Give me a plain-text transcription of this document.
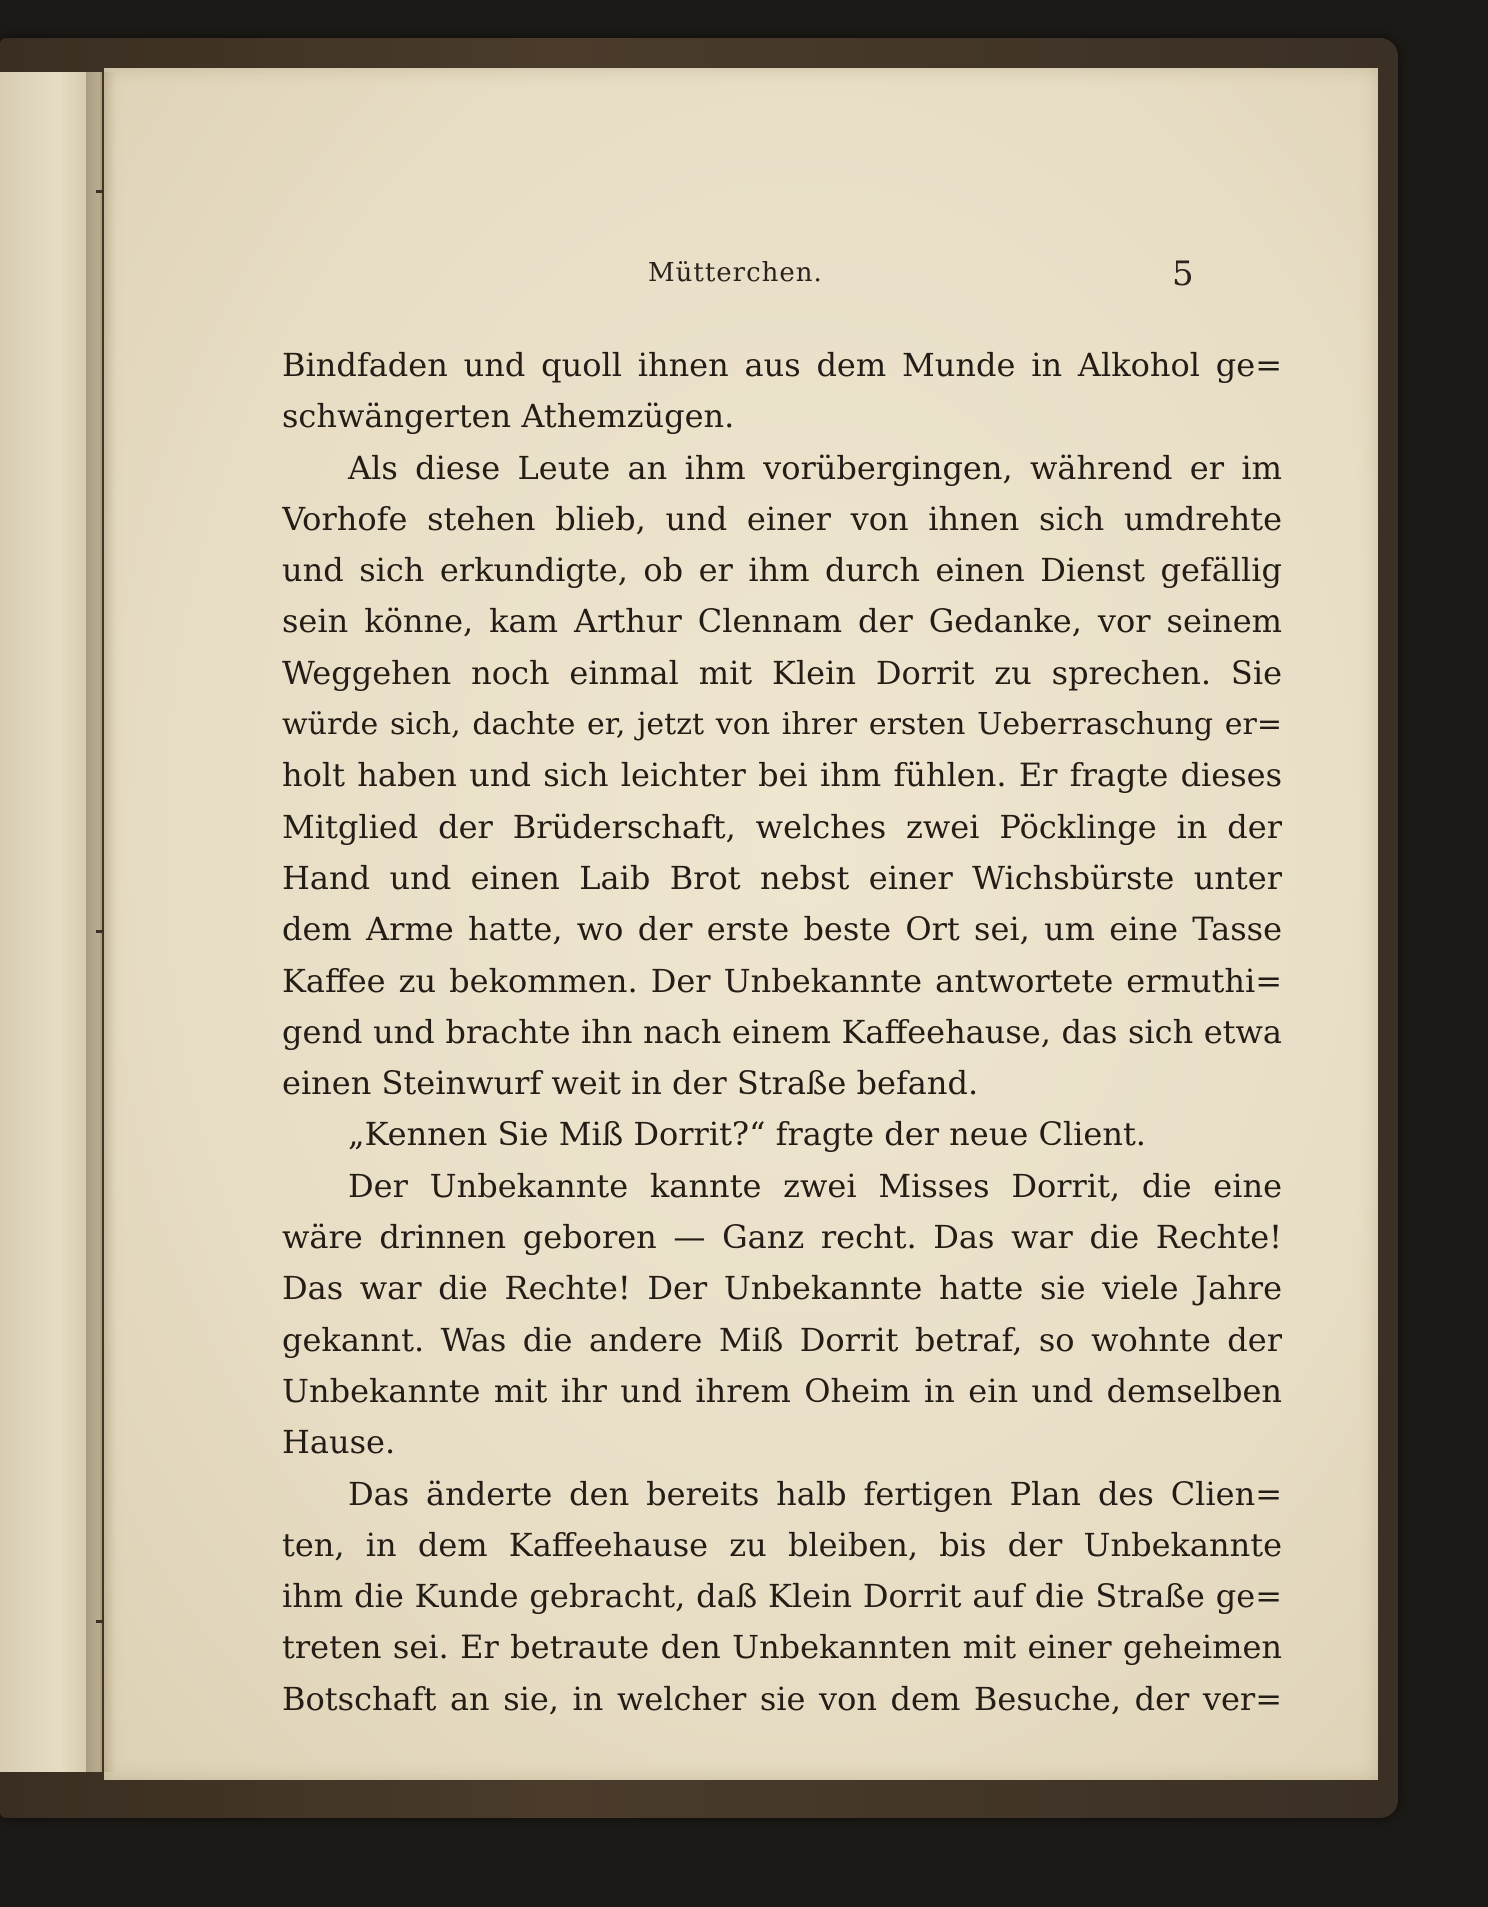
Mütterchen.	5
Bindfaden und quoll ihnen aus dem Munde in Alkohol ge=
schwängerten Athemzügen.
Als diese Leute an ihm vorübergingen, während er im
Vorhofe stehen blieb, und einer von ihnen sich umdrehte
und sich erkundigte, ob er ihm durch einen Dienst gefällig
sein könne, kam Arthur Clennam der Gedanke, vor seinem
Weggehen noch einmal mit Klein Dorrit zu sprechen. Sie
würde sich, dachte er, jetzt von ihrer ersten Ueberraschung er=
holt haben und sich leichter bei ihm fühlen. Er fragte dieses
Mitglied der Brüderschaft, welches zwei Pöcklinge in der
Hand und einen Laib Brot nebst einer Wichsbürste unter
dem Arme hatte, wo der erste beste Ort sei, um eine Tasse
Kaffee zu bekommen. Der Unbekannte antwortete ermuthi=
gend und brachte ihn nach einem Kaffeehause, das sich etwa
einen Steinwurf weit in der Straße befand.
„Kennen Sie Miß Dorrit?“ fragte der neue Client.
Der Unbekannte kannte zwei Misses Dorrit, die eine
wäre drinnen geboren — Ganz recht. Das war die Rechte!
Das war die Rechte! Der Unbekannte hatte sie viele Jahre
gekannt. Was die andere Miß Dorrit betraf, so wohnte der
Unbekannte mit ihr und ihrem Oheim in ein und demselben
Hause.
Das änderte den bereits halb fertigen Plan des Clien=
ten, in dem Kaffeehause zu bleiben, bis der Unbekannte
ihm die Kunde gebracht, daß Klein Dorrit auf die Straße ge=
treten sei. Er betraute den Unbekannten mit einer geheimen
Botschaft an sie, in welcher sie von dem Besuche, der ver=
